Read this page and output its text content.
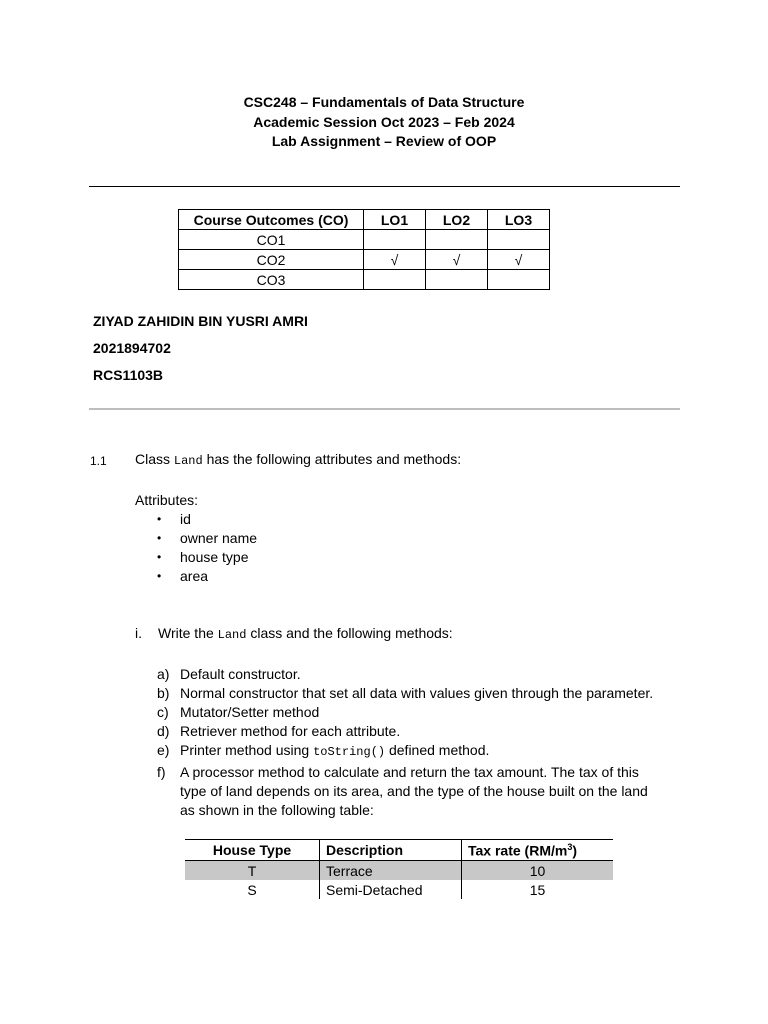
CSC248 – Fundamentals of Data Structure
Academic Session Oct 2023 – Feb 2024
Lab Assignment – Review of OOP
Course Outcomes (CO)	LO1	LO2	LO3
CO1			
CO2	√	√	√
CO3			
ZIYAD ZAHIDIN BIN YUSRI AMRI
2021894702
RCS1103B
1.1 Class Land has the following attributes and methods:
Attributes:
• id
• owner name
• house type
• area
i. Write the Land class and the following methods:
a) Default constructor.
b) Normal constructor that set all data with values given through the parameter.
c) Mutator/Setter method
d) Retriever method for each attribute.
e) Printer method using toString() defined method.
f) A processor method to calculate and return the tax amount. The tax of this
type of land depends on its area, and the type of the house built on the land
as shown in the following table:
House Type	Description	Tax rate $(RM/m^3)$
T	Terrace	10
S	Semi-Detached	15
